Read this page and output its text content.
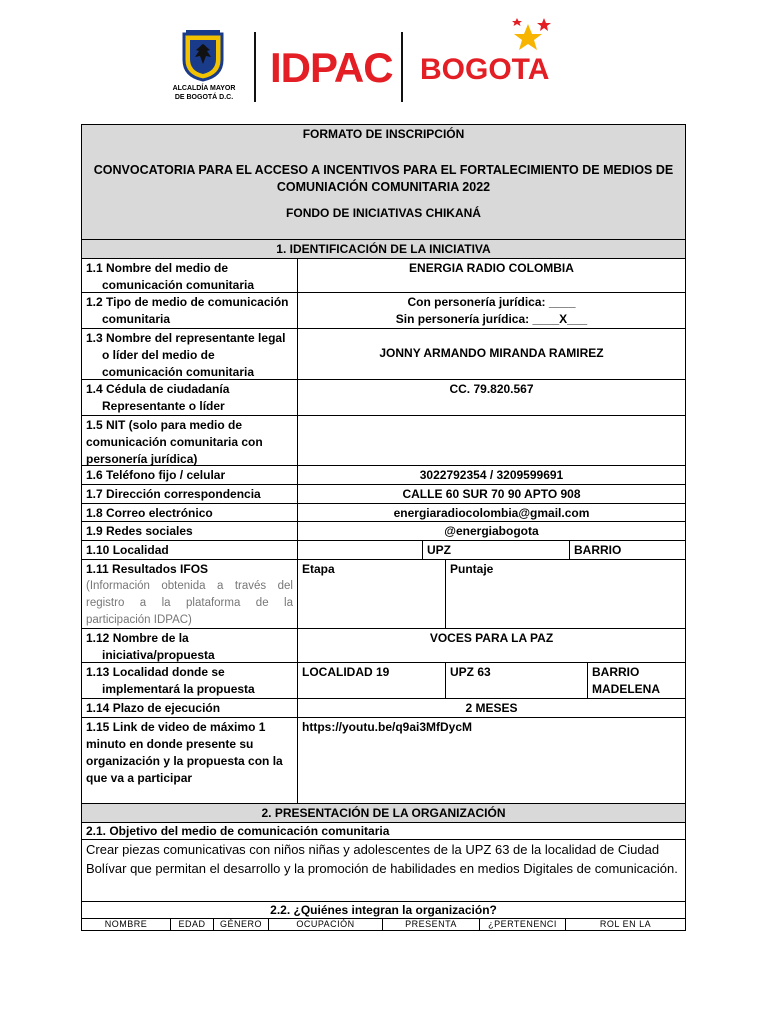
ALCALDÍA MAYOR
DE BOGOTÁ D.C.
IDPAC BOGOTA
FORMATO DE INSCRIPCIÓN
CONVOCATORIA PARA EL ACCESO A INCENTIVOS PARA EL FORTALECIMIENTO DE MEDIOS DE COMUNIACIÓN COMUNITARIA 2022
FONDO DE INICIATIVAS CHIKANÁ
1. IDENTIFICACIÓN DE LA INICIATIVA
1.1 Nombre del medio de comunicación comunitaria
ENERGIA RADIO COLOMBIA
1.2 Tipo de medio de comunicación comunitaria
Con personería jurídica: ____
Sin personería jurídica: ____X___
1.3 Nombre del representante legal o líder del medio de comunicación comunitaria
JONNY ARMANDO MIRANDA RAMIREZ
1.4 Cédula de ciudadanía Representante o líder
CC. 79.820.567
1.5 NIT (solo para medio de comunicación comunitaria con personería jurídica)
1.6 Teléfono fijo / celular	3022792354 / 3209599691
1.7 Dirección correspondencia	CALLE 60 SUR 70 90 APTO 908
1.8 Correo electrónico	energiaradiocolombia@gmail.com
1.9 Redes sociales	@energiabogota
1.10 Localidad	UPZ	BARRIO
1.11 Resultados IFOS
(Información obtenida a través del registro a la plataforma de la participación IDPAC)
Etapa	Puntaje
1.12 Nombre de la iniciativa/propuesta
VOCES PARA LA PAZ
1.13 Localidad donde se implementará la propuesta
LOCALIDAD 19	UPZ 63	BARRIO MADELENA
1.14 Plazo de ejecución	2 MESES
1.15 Link de video de máximo 1 minuto en donde presente su organización y la propuesta con la que va a participar
https://youtu.be/q9ai3MfDycM
2. PRESENTACIÓN DE LA ORGANIZACIÓN
2.1. Objetivo del medio de comunicación comunitaria
Crear piezas comunicativas con niños niñas y adolescentes de la UPZ 63 de la localidad de Ciudad Bolívar que permitan el desarrollo y la promoción de habilidades en medios Digitales de comunicación.
2.2. ¿Quiénes integran la organización?
NOMBRE	EDAD	GÉNERO	OCUPACIÓN	PRESENTA	¿PERTENENCI	ROL EN LA
